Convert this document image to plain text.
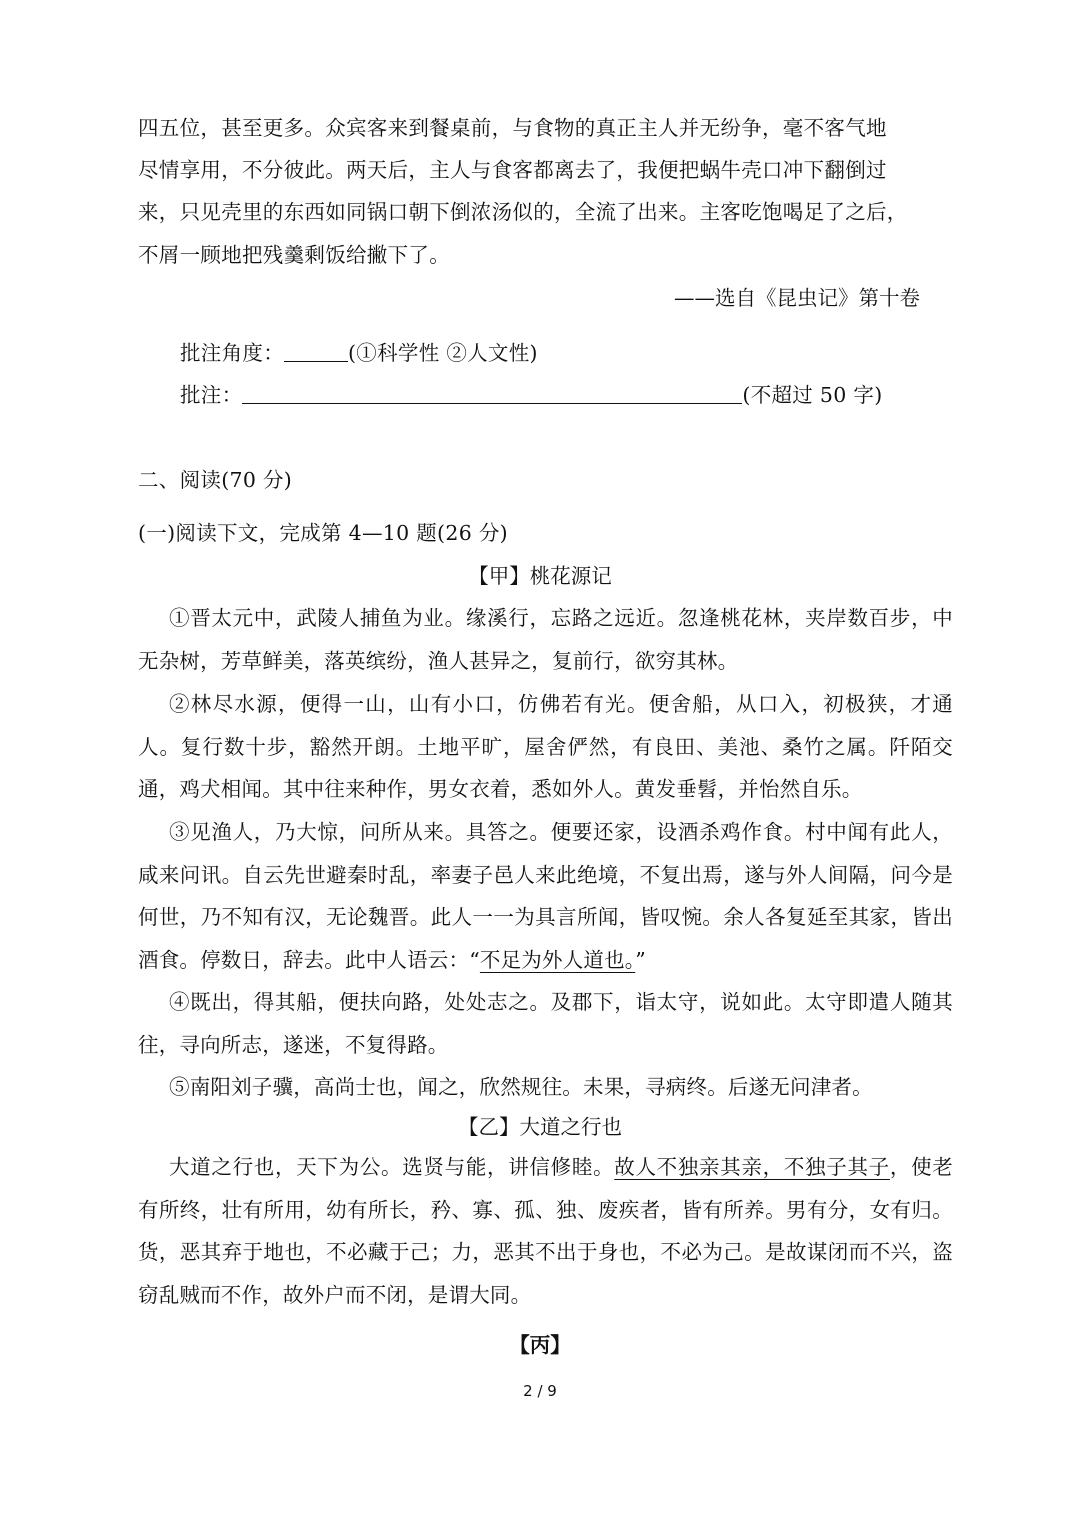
四五位，甚至更多。众宾客来到餐桌前，与食物的真正主人并无纷争，毫不客气地
尽情享用，不分彼此。两天后，主人与食客都离去了，我便把蜗牛壳口冲下翻倒过
来，只见壳里的东西如同锅口朝下倒浓汤似的，全流了出来。主客吃饱喝足了之后，
不屑一顾地把残羹剩饭给撇下了。
——选自《昆虫记》第十卷
批注角度：	(①科学性 ②人文性)
批注：	(不超过 50 字)
二、阅读(70 分)
(一)阅读下文，完成第 4—10 题(26 分)
【甲】桃花源记
①晋太元中，武陵人捕鱼为业。缘溪行，忘路之远近。忽逢桃花林，夹岸数百步，中无杂树，芳草鲜美，落英缤纷，渔人甚异之，复前行，欲穷其林。
②林尽水源，便得一山，山有小口，仿佛若有光。便舍船，从口入，初极狭，才通人。复行数十步，豁然开朗。土地平旷，屋舍俨然，有良田、美池、桑竹之属。阡陌交通，鸡犬相闻。其中往来种作，男女衣着，悉如外人。黄发垂髫，并怡然自乐。
③见渔人，乃大惊，问所从来。具答之。便要还家，设酒杀鸡作食。村中闻有此人，咸来问讯。自云先世避秦时乱，率妻子邑人来此绝境，不复出焉，遂与外人间隔，问今是何世，乃不知有汉，无论魏晋。此人一一为具言所闻，皆叹惋。余人各复延至其家，皆出酒食。停数日，辞去。此中人语云：“不足为外人道也。”
④既出，得其船，便扶向路，处处志之。及郡下，诣太守，说如此。太守即遣人随其往，寻向所志，遂迷，不复得路。
⑤南阳刘子骥，高尚士也，闻之，欣然规往。未果，寻病终。后遂无问津者。
【乙】大道之行也
大道之行也，天下为公。选贤与能，讲信修睦。故人不独亲其亲，不独子其子，使老有所终，壮有所用，幼有所长，矜、寡、孤、独、废疾者，皆有所养。男有分，女有归。货，恶其弃于地也，不必藏于己；力，恶其不出于身也，不必为己。是故谋闭而不兴，盗窃乱贼而不作，故外户而不闭，是谓大同。
【丙】
2 / 9
